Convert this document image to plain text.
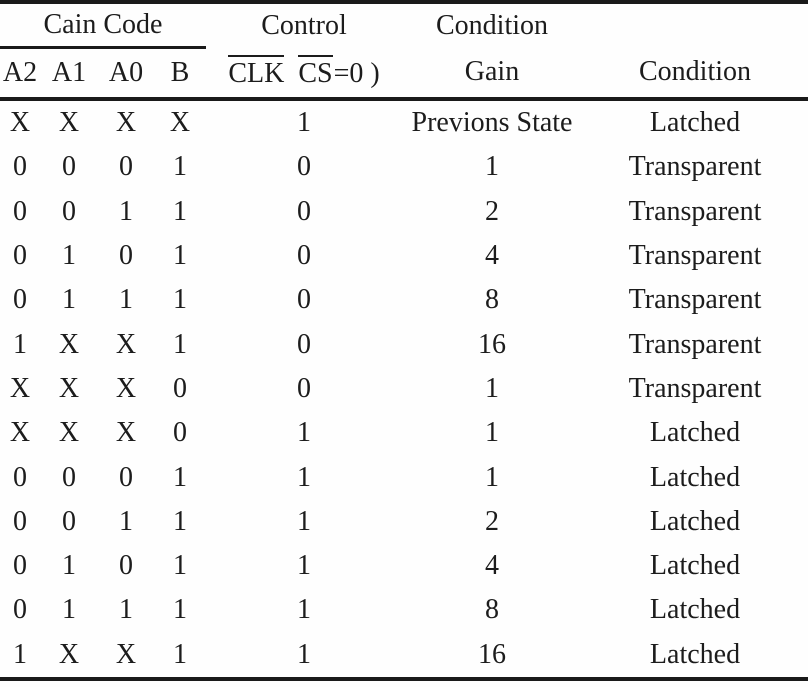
Cain Code				Control	Condition	
A2	A1	A0	B	CLK CS=0 )	Gain	Condition
X	X	X	X	1	Previons State	Latched
0	0	0	1	0	1	Transparent
0	0	1	1	0	2	Transparent
0	1	0	1	0	4	Transparent
0	1	1	1	0	8	Transparent
1	X	X	1	0	16	Transparent
X	X	X	0	0	1	Transparent
X	X	X	0	1	1	Latched
0	0	0	1	1	1	Latched
0	0	1	1	1	2	Latched
0	1	0	1	1	4	Latched
0	1	1	1	1	8	Latched
1	X	X	1	1	16	Latched
